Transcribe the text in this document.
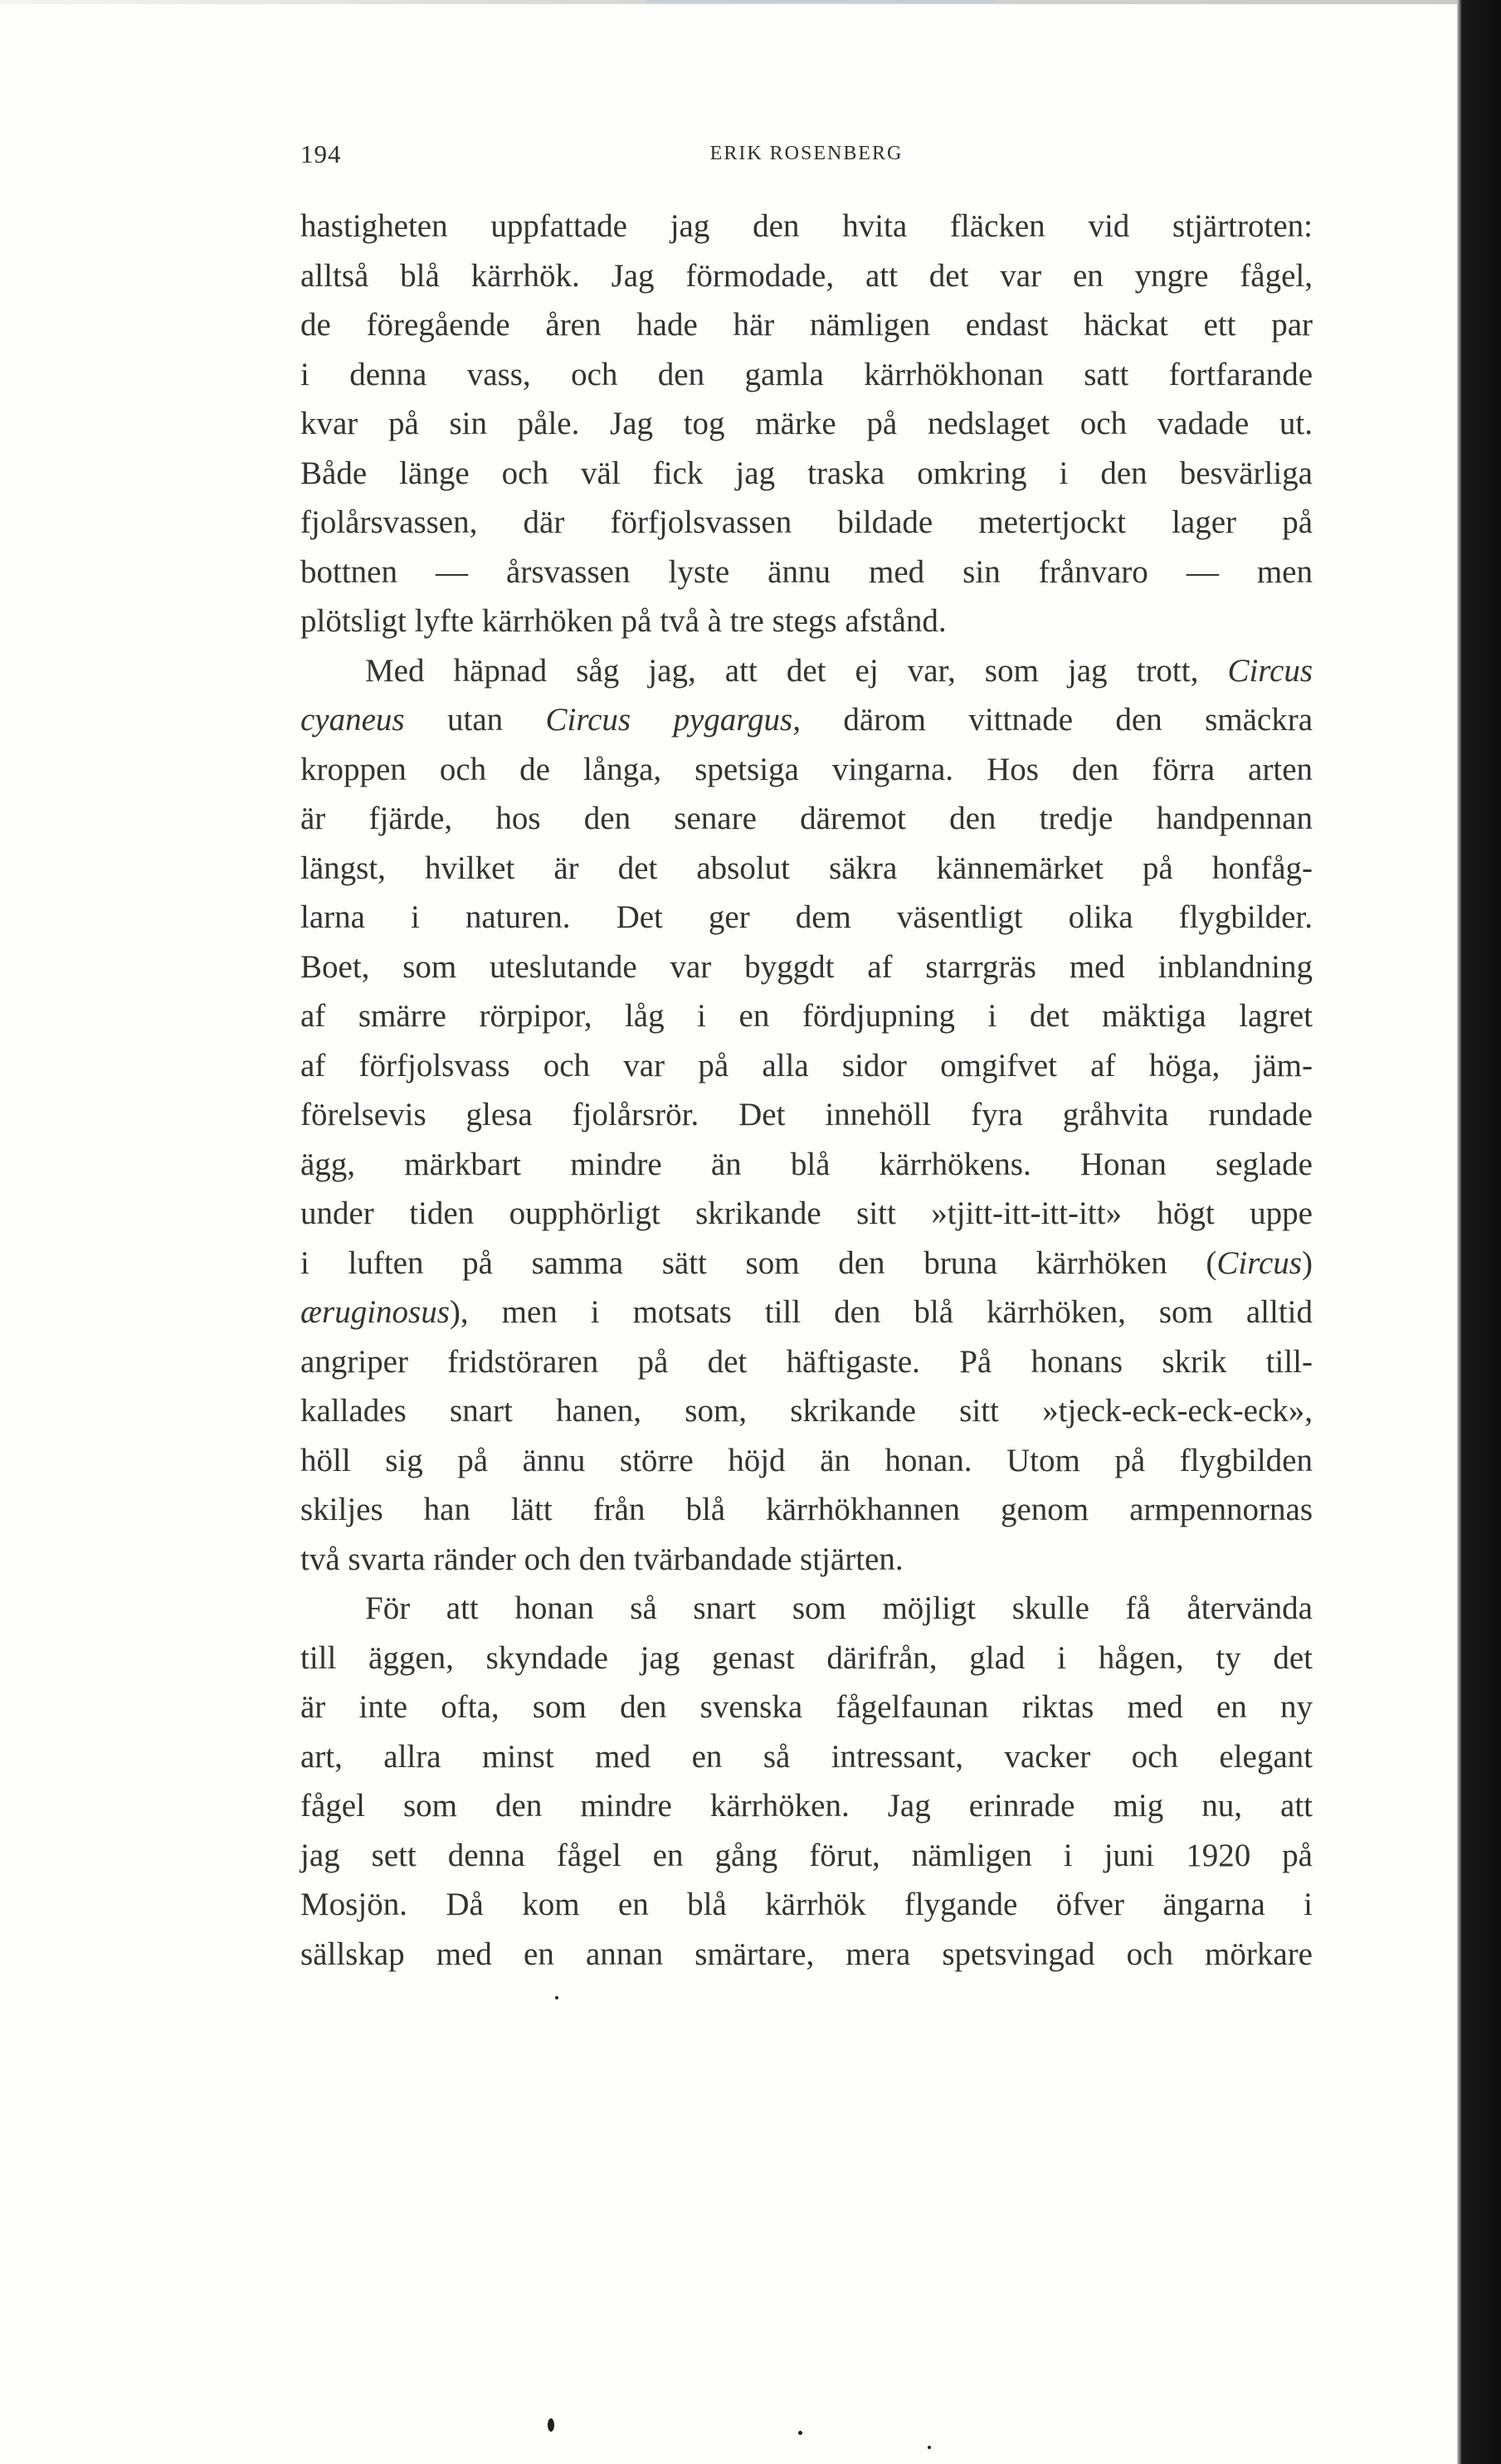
194	ERIK ROSENBERG
hastigheten uppfattade jag den hvita fläcken vid stjärtroten:
alltså blå kärrhök. Jag förmodade, att det var en yngre fågel,
de föregående åren hade här nämligen endast häckat ett par
i denna vass, och den gamla kärrhökhonan satt fortfarande
kvar på sin påle. Jag tog märke på nedslaget och vadade ut.
Både länge och väl fick jag traska omkring i den besvärliga
fjolårsvassen, där förfjolsvassen bildade metertjockt lager på
bottnen — årsvassen lyste ännu med sin frånvaro — men
plötsligt lyfte kärrhöken på två à tre stegs afstånd.
Med häpnad såg jag, att det ej var, som jag trott, Circus
cyaneus utan Circus pygargus, därom vittnade den smäckra
kroppen och de långa, spetsiga vingarna. Hos den förra arten
är fjärde, hos den senare däremot den tredje handpennan
längst, hvilket är det absolut säkra kännemärket på honfåg-
larna i naturen. Det ger dem väsentligt olika flygbilder.
Boet, som uteslutande var byggdt af starrgräs med inblandning
af smärre rörpipor, låg i en fördjupning i det mäktiga lagret
af förfjolsvass och var på alla sidor omgifvet af höga, jäm-
förelsevis glesa fjolårsrör. Det innehöll fyra gråhvita rundade
ägg, märkbart mindre än blå kärrhökens. Honan seglade
under tiden oupphörligt skrikande sitt »tjitt-itt-itt-itt» högt uppe
i luften på samma sätt som den bruna kärrhöken (Circus)
æruginosus), men i motsats till den blå kärrhöken, som alltid
angriper fridstöraren på det häftigaste. På honans skrik till-
kallades snart hanen, som, skrikande sitt »tjeck-eck-eck-eck»,
höll sig på ännu större höjd än honan. Utom på flygbilden
skiljes han lätt från blå kärrhökhannen genom armpennornas
två svarta ränder och den tvärbandade stjärten.
För att honan så snart som möjligt skulle få återvända
till äggen, skyndade jag genast därifrån, glad i hågen, ty det
är inte ofta, som den svenska fågelfaunan riktas med en ny
art, allra minst med en så intressant, vacker och elegant
fågel som den mindre kärrhöken. Jag erinrade mig nu, att
jag sett denna fågel en gång förut, nämligen i juni 1920 på
Mosjön. Då kom en blå kärrhök flygande öfver ängarna i
sällskap med en annan smärtare, mera spetsvingad och mörkare
